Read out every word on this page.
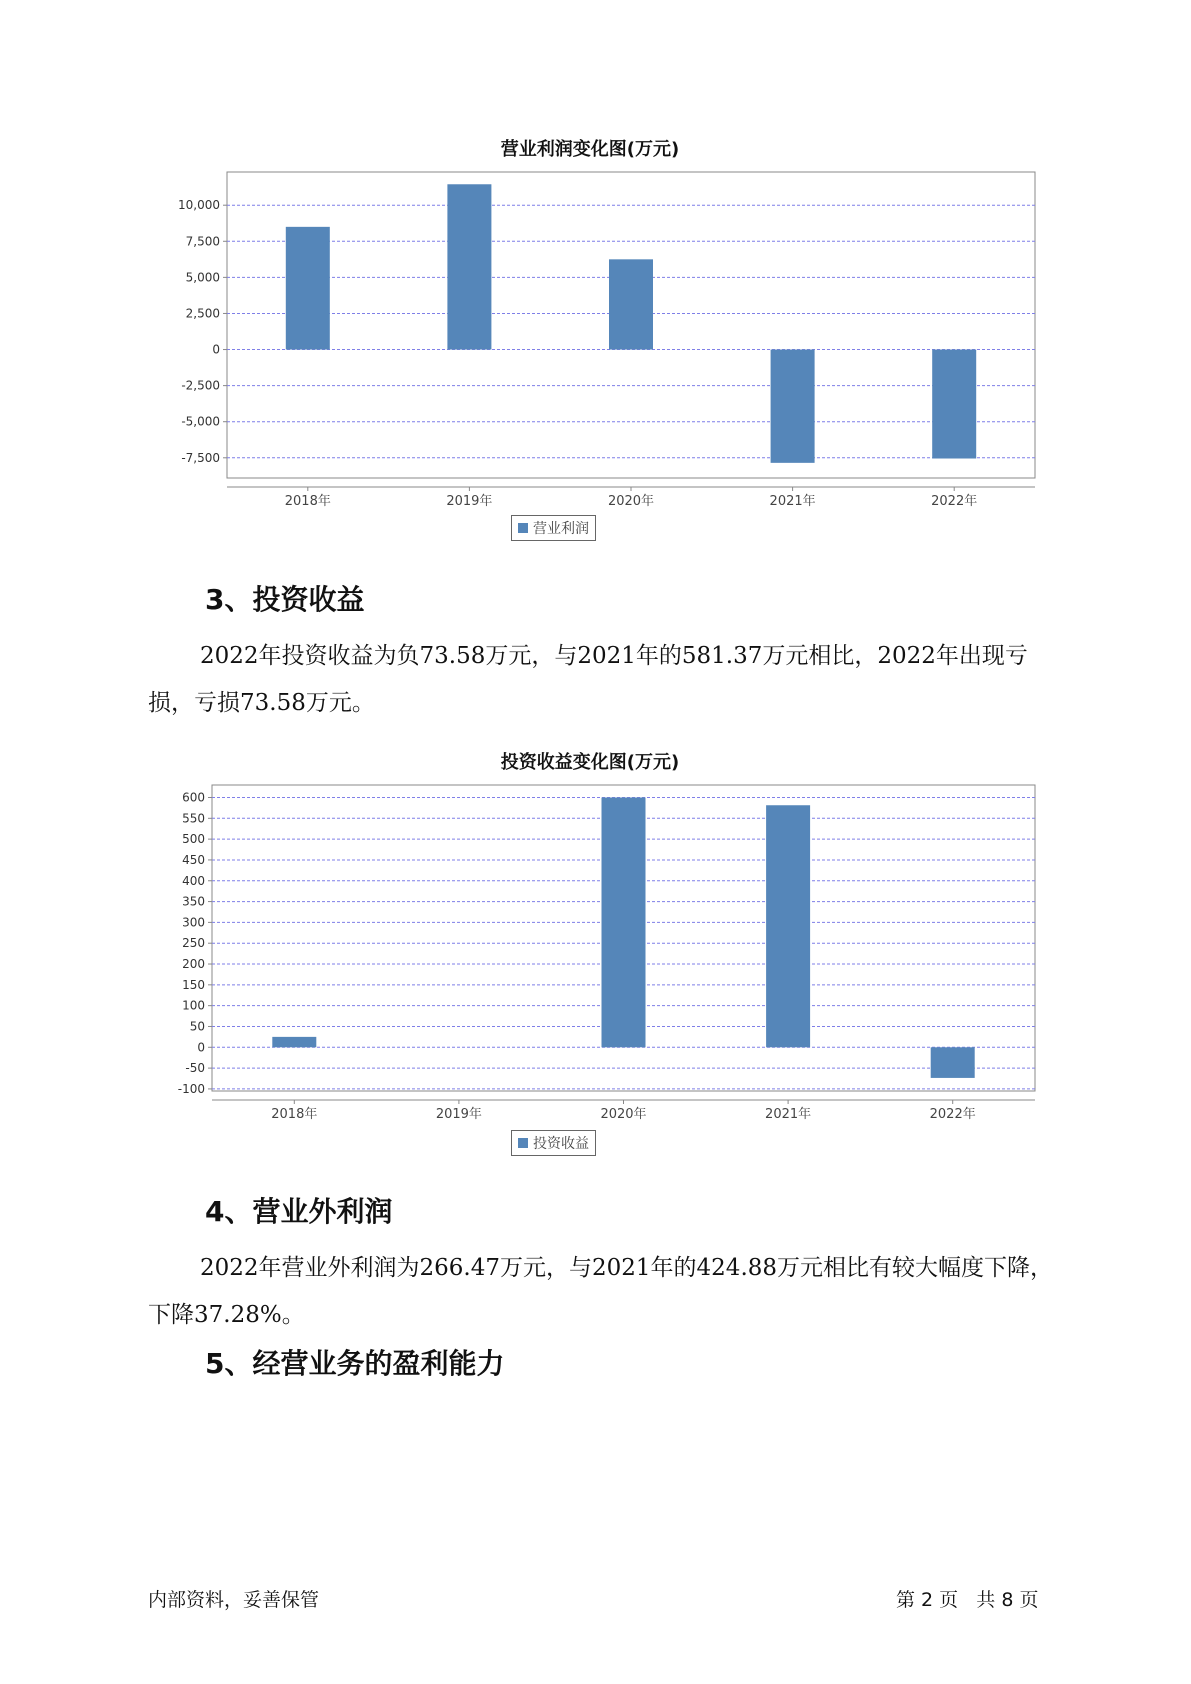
营业利润变化图(万元)
-7,500
-5,000
-2,500
0
2,500
5,000
7,500
10,000
2018年	2019年	2020年	2021年	2022年
营业利润
3、投资收益

2022年投资收益为负73.58万元，与2021年的581.37万元相比，2022年出现亏损，亏损73.58万元。

投资收益变化图(万元)
-100
-50
0
50
100
150
200
250
300
350
400
450
500
550
600
2018年	2019年	2020年	2021年	2022年
投资收益
4、营业外利润

2022年营业外利润为266.47万元，与2021年的424.88万元相比有较大幅度下降，下降37.28%。

5、经营业务的盈利能力
内部资料，妥善保管	第 2 页   共 8 页
